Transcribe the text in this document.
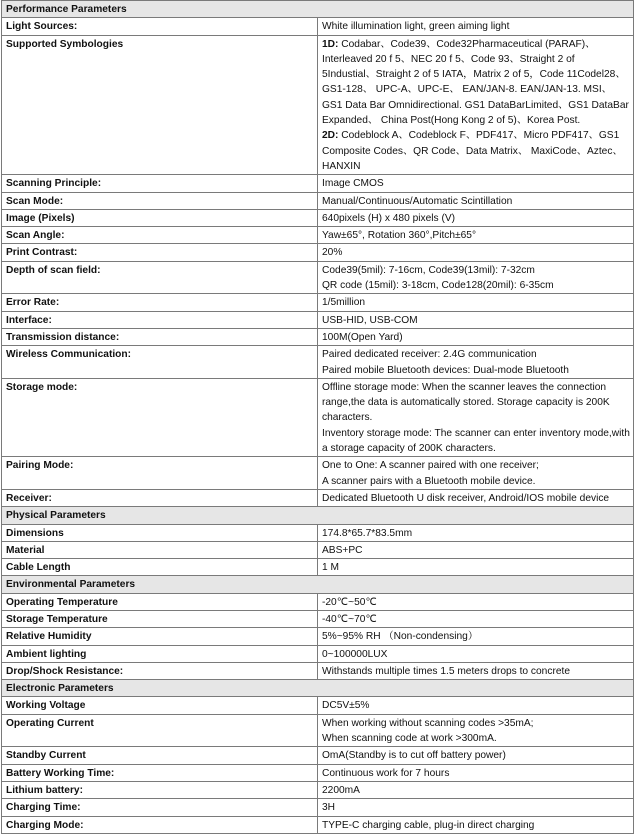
Performance Parameters	
Light Sources:	White illumination light, green aiming light
Supported Symbologies	1D: Codabar、Code39、Code32Pharmaceutical (PARAF)、 Interleaved 20 f 5、NEC 20 f 5、Code 93、Straight 2 of 5Industial、Straight 2 of 5 IATA，Matrix 2 of 5，Code 11Codel28、GS1-128、 UPC-A、UPC-E、 EAN/JAN-8. EAN/JAN-13. MSI、GS1 Data Bar Omnidirectional. GS1 DataBarLimited、GS1 DataBar Expanded、 China Post(Hong Kong 2 of 5)、Korea Post.
2D: Codeblock A、Codeblock F、PDF417、Micro PDF417、GS1 Composite Codes、QR Code、Data Matrix、 MaxiCode、Aztec、 HANXIN

Scanning Principle:	Image CMOS
Scan Mode:	Manual/Continuous/Automatic Scintillation
Image (Pixels)	640pixels (H) x 480 pixels (V)
Scan Angle:	Yaw±65°, Rotation 360°,Pitch±65°
Print Contrast:	20%
Depth of scan field:	Code39(5mil): 7-16cm, Code39(13mil): 7-32cm
QR code (15mil): 3-18cm, Code128(20mil): 6-35cm

Error Rate:	1/5million
Interface:	USB-HID, USB-COM
Transmission distance:	100M(Open Yard)
Wireless Communication:	Paired dedicated receiver: 2.4G communication
Paired mobile Bluetooth devices: Dual-mode Bluetooth

Storage mode:	Offline storage mode: When the scanner leaves the connection range,the data is automatically stored. Storage capacity is 200K characters.
Inventory storage mode: The scanner can enter inventory mode,with a storage capacity of 200K characters.

Pairing Mode:	One to One: A scanner paired with one receiver;
A scanner pairs with a Bluetooth mobile device.

Receiver:	Dedicated Bluetooth U disk receiver, Android/IOS mobile device
Physical Parameters	
Dimensions	174.8*65.7*83.5mm
Material	ABS+PC
Cable Length	1 M
Environmental Parameters	
Operating Temperature	-20℃~50℃
Storage Temperature	-40℃~70℃
Relative Humidity	5%~95% RH （Non-condensing）
Ambient lighting	0~100000LUX
Drop/Shock Resistance:	Withstands multiple times 1.5 meters drops to concrete
Electronic Parameters	
Working Voltage	DC5V±5%
Operating Current	When working without scanning codes >35mA;
When scanning code at work >300mA.

Standby Current	OmA(Standby is to cut off battery power)
Battery Working Time:	Continuous work for 7 hours
Lithium battery:	2200mA
Charging Time:	3H
Charging Mode:	TYPE-C charging cable, plug-in direct charging
